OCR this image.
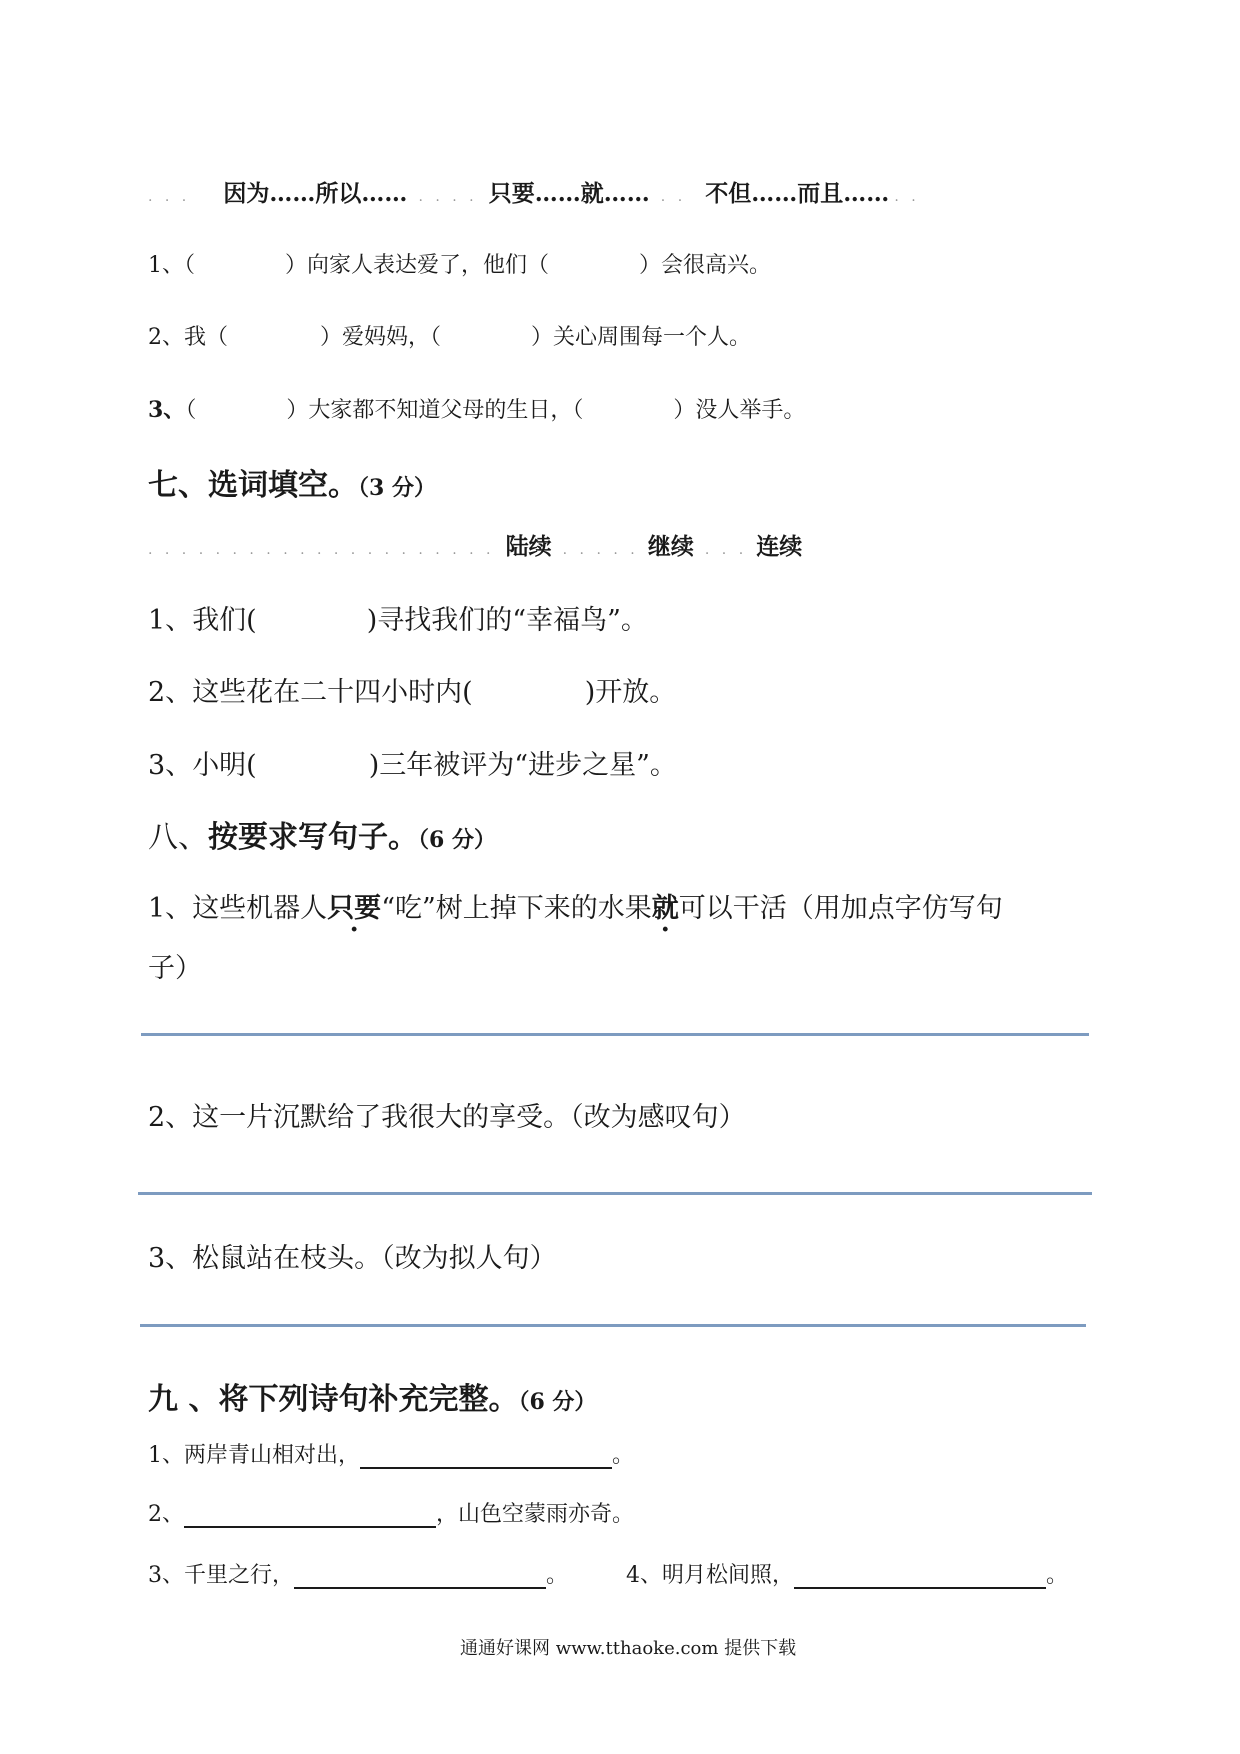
. . . 因为……所以…… . . . . 只要……就…… . . 不但……而且…… . .
1、（	）向家人表达爱了，他们（	）会很高兴。
2、我（	）爱妈妈，（	）关心周围每一个人。
3、（	）大家都不知道父母的生日，（	）没人举手。
七、选词填空。（3 分）
. . . . . . . . . . . . . . . . . . . . . 陆续 . . . . . 继续 . . . 连续
1、我们(	)寻找我们的“幸福鸟”。
2、这些花在二十四小时内(	)开放。
3、小明(	)三年被评为“进步之星”。
八、按要求写句子。（6 分）
1、这些机器人只要“吃”树上掉下来的水果就可以干活（用加点字仿写句
子）
2、这一片沉默给了我很大的享受。（改为感叹句）
3、松鼠站在枝头。（改为拟人句）
九 、将下列诗句补充完整。（6 分）
1、两岸青山相对出，	。
2、	，山色空蒙雨亦奇。
3、千里之行，	。	4、明月松间照，	。
通通好课网 www.tthaoke.com 提供下载
